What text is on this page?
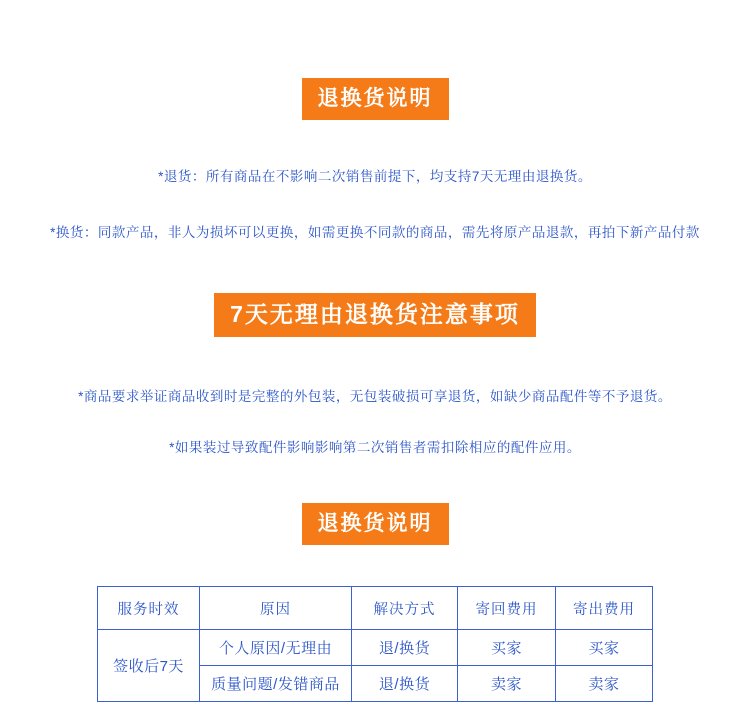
退换货说明
*退货：所有商品在不影响二次销售前提下，均支持7天无理由退换货。
*换货：同款产品，非人为损坏可以更换，如需更换不同款的商品，需先将原产品退款，再拍下新产品付款
7天无理由退换货注意事项
*商品要求举证商品收到时是完整的外包装，无包装破损可享退货，如缺少商品配件等不予退货。
*如果装过导致配件影响影响第二次销售者需扣除相应的配件应用。
退换货说明
服务时效	原因	解决方式	寄回费用	寄出费用
签收后7天	个人原因/无理由	退/换货	买家	买家
	质量问题/发错商品	退/换货	卖家	卖家
